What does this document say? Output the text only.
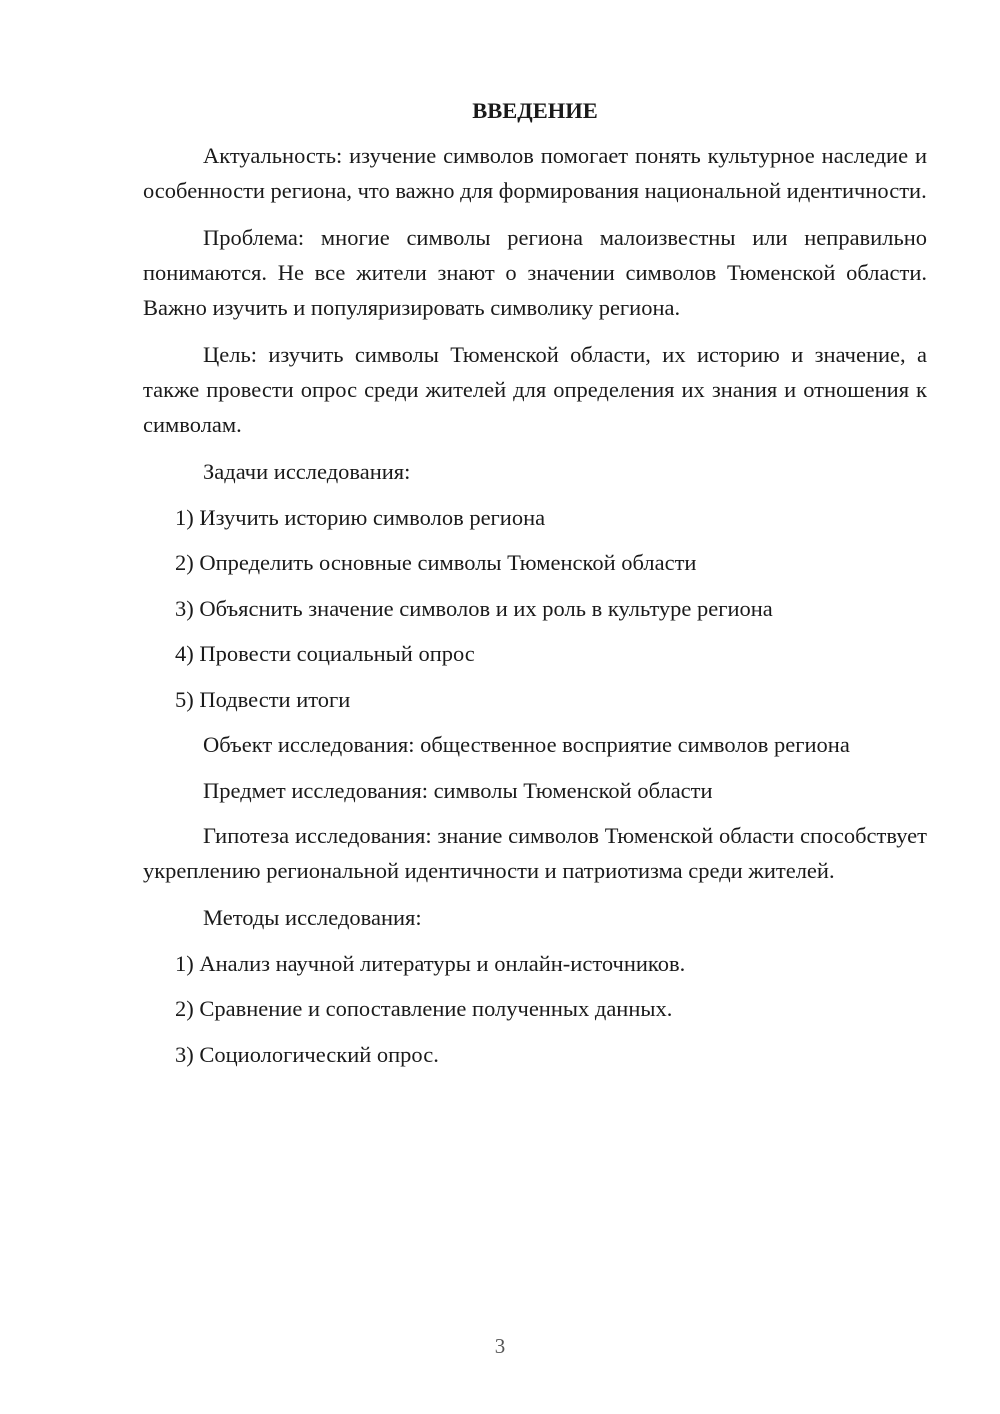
ВВЕДЕНИЕ

Актуальность: изучение символов помогает понять культурное наследие и особенности региона, что важно для формирования национальной идентичности.

Проблема: многие символы региона малоизвестны или неправильно понимаются. Не все жители знают о значении символов Тюменской области. Важно изучить и популяризировать символику региона.

Цель: изучить символы Тюменской области, их историю и значение, а также провести опрос среди жителей для определения их знания и отношения к символам.

Задачи исследования:

1) Изучить историю символов региона

2) Определить основные символы Тюменской области

3) Объяснить значение символов и их роль в культуре региона

4) Провести социальный опрос

5) Подвести итоги

Объект исследования: общественное восприятие символов региона

Предмет исследования: символы Тюменской области

Гипотеза исследования: знание символов Тюменской области способствует укреплению региональной идентичности и патриотизма среди жителей.

Методы исследования:

1) Анализ научной литературы и онлайн-источников.

2) Сравнение и сопоставление полученных данных.

3) Социологический опрос.

3
